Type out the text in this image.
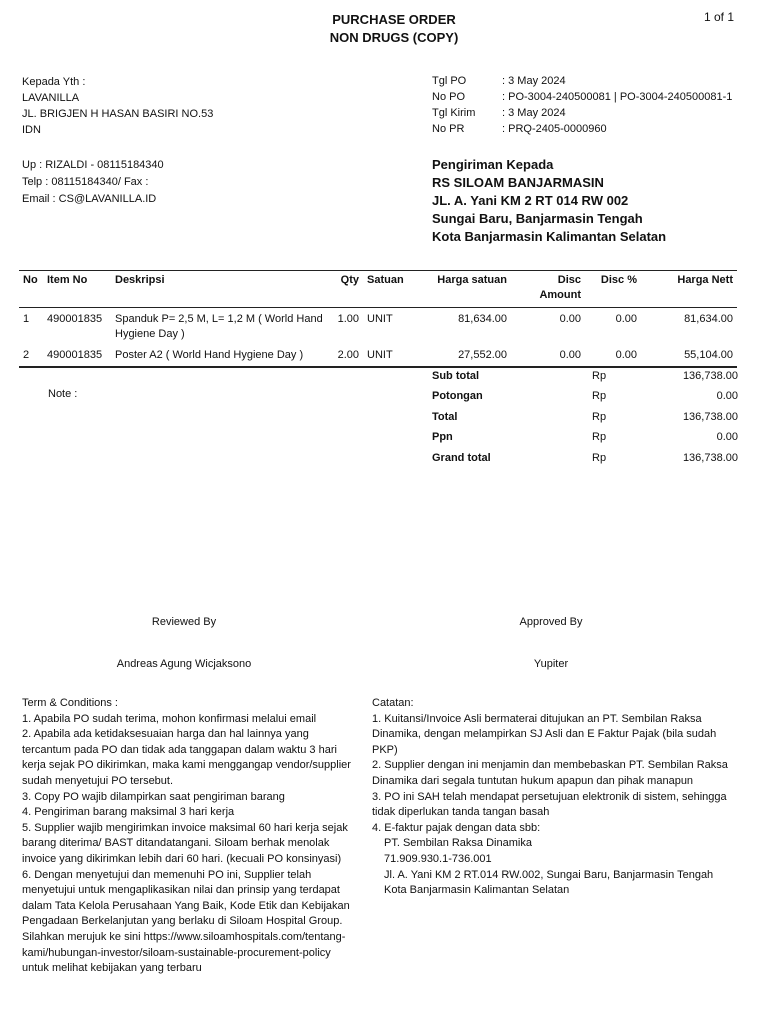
PURCHASE ORDER
NON DRUGS (COPY)
1 of 1
Kepada Yth :
LAVANILLA
JL. BRIGJEN H HASAN BASIRI NO.53
IDN
Up : RIZALDI - 08115184340
Telp : 08115184340/ Fax :
Email : CS@LAVANILLA.ID
Tgl PO	: 3 May 2024
No PO	: PO-3004-240500081 | PO-3004-240500081-1
Tgl Kirim	: 3 May 2024
No PR	: PRQ-2405-0000960
Pengiriman Kepada
RS SILOAM BANJARMASIN
JL. A. Yani KM 2 RT 014 RW 002
Sungai Baru, Banjarmasin Tengah
Kota Banjarmasin Kalimantan Selatan
No	Item No	Deskripsi	Qty	Satuan	Harga satuan	Disc Amount	Disc %	Harga Nett
1	490001835	Spanduk P= 2,5 M, L= 1,2 M ( World Hand Hygiene Day )	1.00	UNIT	81,634.00	0.00	0.00	81,634.00
2	490001835	Poster A2 ( World Hand Hygiene Day )	2.00	UNIT	27,552.00	0.00	0.00	55,104.00
Note :
Sub total	Rp	136,738.00
Potongan	Rp	0.00
Total	Rp	136,738.00
Ppn	Rp	0.00
Grand total	Rp	136,738.00
Reviewed By
Andreas Agung Wicjaksono
Approved By
Yupiter
Term & Conditions :
1. Apabila PO sudah terima, mohon konfirmasi melalui email
2. Apabila ada ketidaksesuaian harga dan hal lainnya yang
tercantum pada PO dan tidak ada tanggapan dalam waktu 3 hari
kerja sejak PO dikirimkan, maka kami menggangap vendor/supplier
sudah menyetujui PO tersebut.
3. Copy PO wajib dilampirkan saat pengiriman barang
4. Pengiriman barang maksimal 3 hari kerja
5. Supplier wajib mengirimkan invoice maksimal 60 hari kerja sejak
barang diterima/ BAST ditandatangani. Siloam berhak menolak
invoice yang dikirimkan lebih dari 60 hari. (kecuali PO konsinyasi)
6. Dengan menyetujui dan memenuhi PO ini, Supplier telah
menyetujui untuk mengaplikasikan nilai dan prinsip yang terdapat
dalam Tata Kelola Perusahaan Yang Baik, Kode Etik dan Kebijakan
Pengadaan Berkelanjutan yang berlaku di Siloam Hospital Group.
Silahkan merujuk ke sini https://www.siloamhospitals.com/tentang-
kami/hubungan-investor/siloam-sustainable-procurement-policy
untuk melihat kebijakan yang terbaru
Catatan:
1. Kuitansi/Invoice Asli bermaterai ditujukan an PT. Sembilan Raksa
Dinamika, dengan melampirkan SJ Asli dan E Faktur Pajak (bila sudah
PKP)
2. Supplier dengan ini menjamin dan membebaskan PT. Sembilan Raksa
Dinamika dari segala tuntutan hukum apapun dan pihak manapun
3. PO ini SAH telah mendapat persetujuan elektronik di sistem, sehingga
tidak diperlukan tanda tangan basah
4. E-faktur pajak dengan data sbb:
PT. Sembilan Raksa Dinamika
71.909.930.1-736.001
Jl. A. Yani KM 2 RT.014 RW.002, Sungai Baru, Banjarmasin Tengah
Kota Banjarmasin Kalimantan Selatan
